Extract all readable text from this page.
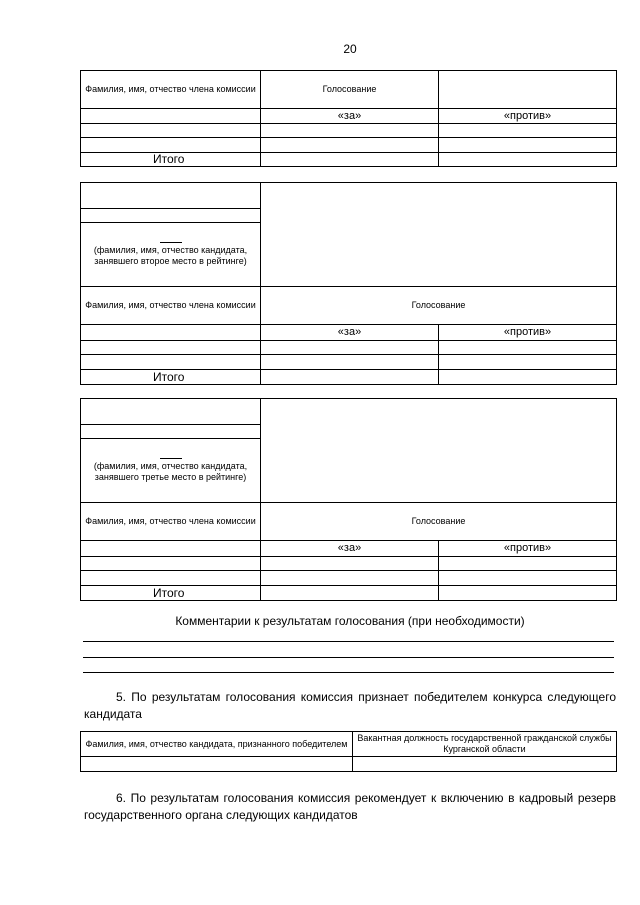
20
Фамилия, имя, отчество члена комиссии	Голосование	
	«за»	«против»

Итого		

(фамилия, имя, отчество кандидата, занявшего второе место в рейтинге)		
Фамилия, имя, отчество члена комиссии	Голосование	
	«за»	«против»

Итого		

(фамилия, имя, отчество кандидата, занявшего третье место в рейтинге)		
Фамилия, имя, отчество члена комиссии	Голосование	
	«за»	«против»

Итого		
Комментарии к результатам голосования (при необходимости)
5. По результатам голосования комиссия признает победителем конкурса следующего кандидата
Фамилия, имя, отчество кандидата, признанного победителем	Вакантная должность государственной гражданской службы Курганской области

6. По результатам голосования комиссия рекомендует к включению в кадровый резерв государственного органа следующих кандидатов
